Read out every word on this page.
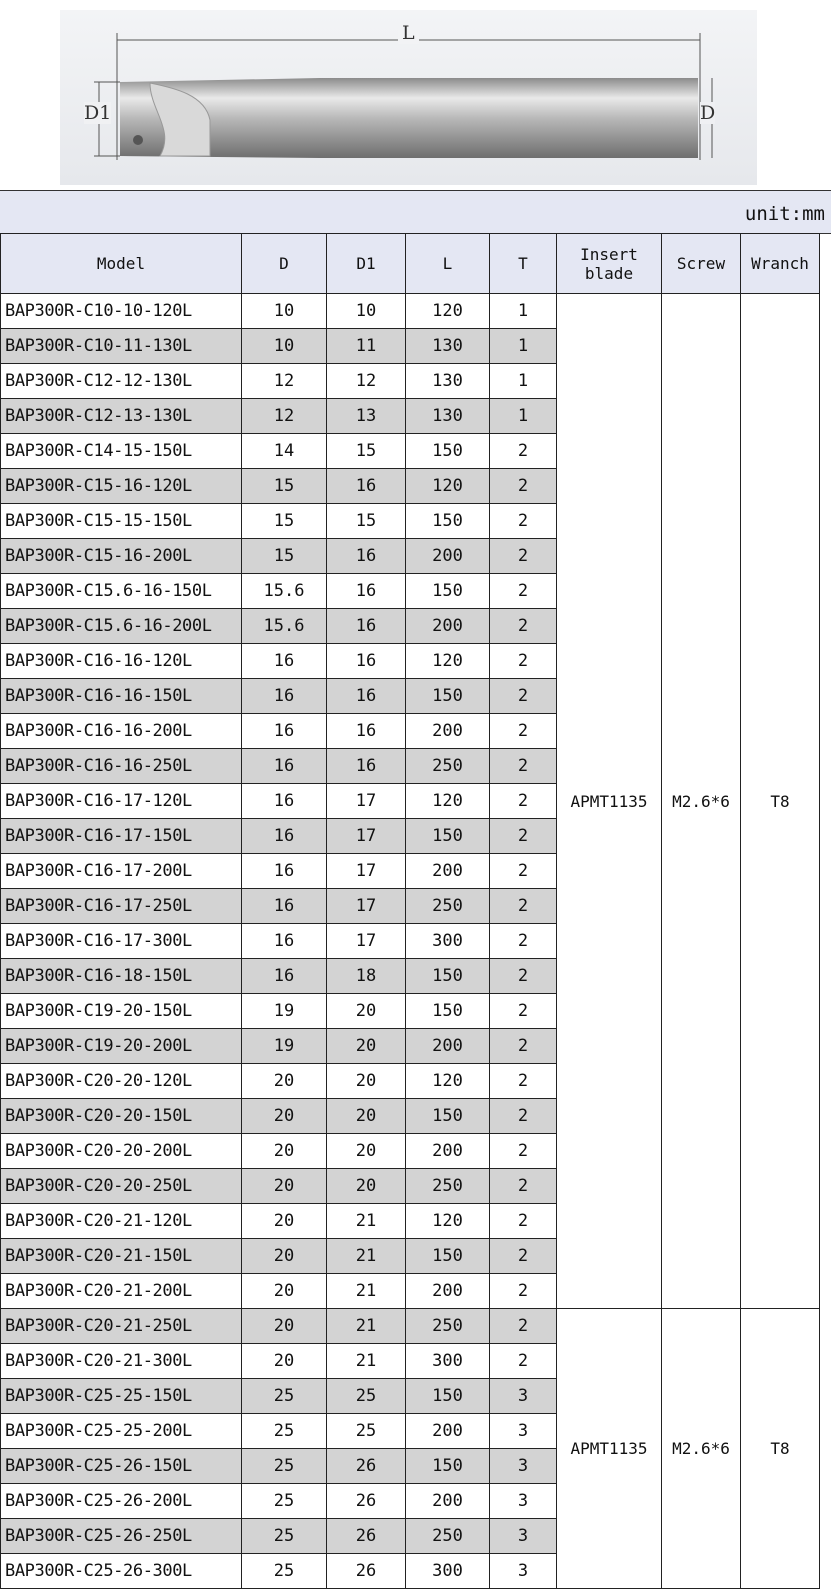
L
D1	D
unit:mm
Model	D	D1	L	T	Insert
blade	Screw	Wranch
BAP300R-C10-10-120L	10	10	120	1	APMT1135	M2.6*6	T8
BAP300R-C10-11-130L	10	11	130	1			
BAP300R-C12-12-130L	12	12	130	1			
BAP300R-C12-13-130L	12	13	130	1			
BAP300R-C14-15-150L	14	15	150	2			
BAP300R-C15-16-120L	15	16	120	2			
BAP300R-C15-15-150L	15	15	150	2			
BAP300R-C15-16-200L	15	16	200	2			
BAP300R-C15.6-16-150L	15.6	16	150	2			
BAP300R-C15.6-16-200L	15.6	16	200	2			
BAP300R-C16-16-120L	16	16	120	2			
BAP300R-C16-16-150L	16	16	150	2			
BAP300R-C16-16-200L	16	16	200	2			
BAP300R-C16-16-250L	16	16	250	2			
BAP300R-C16-17-120L	16	17	120	2			
BAP300R-C16-17-150L	16	17	150	2			
BAP300R-C16-17-200L	16	17	200	2			
BAP300R-C16-17-250L	16	17	250	2			
BAP300R-C16-17-300L	16	17	300	2			
BAP300R-C16-18-150L	16	18	150	2			
BAP300R-C19-20-150L	19	20	150	2			
BAP300R-C19-20-200L	19	20	200	2			
BAP300R-C20-20-120L	20	20	120	2			
BAP300R-C20-20-150L	20	20	150	2			
BAP300R-C20-20-200L	20	20	200	2			
BAP300R-C20-20-250L	20	20	250	2			
BAP300R-C20-21-120L	20	21	120	2			
BAP300R-C20-21-150L	20	21	150	2			
BAP300R-C20-21-200L	20	21	200	2			
BAP300R-C20-21-250L	20	21	250	2	APMT1135	M2.6*6	T8
BAP300R-C20-21-300L	20	21	300	2			
BAP300R-C25-25-150L	25	25	150	3			
BAP300R-C25-25-200L	25	25	200	3			
BAP300R-C25-26-150L	25	26	150	3			
BAP300R-C25-26-200L	25	26	200	3			
BAP300R-C25-26-250L	25	26	250	3			
BAP300R-C25-26-300L	25	26	300	3			
